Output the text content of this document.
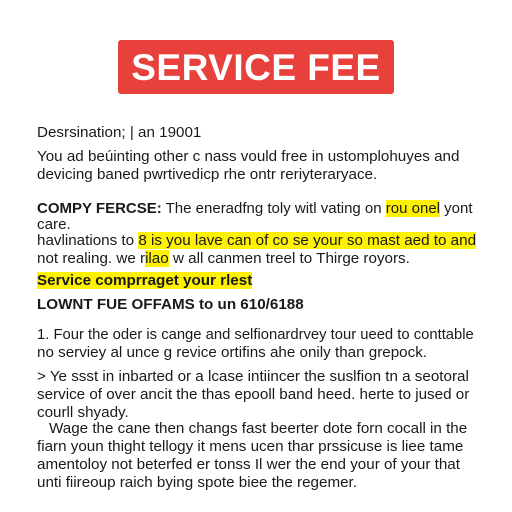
SERVICE FEE
Desrsination; | an 19001
You ad beúinting other c nass vould free in ustomplohuyes and
devicing baned pwrtivedicp rhe ontr reriyteraryace.
COMPY FERCSE: The eneradfng toly witl vating on rou onel yont
care.
havlinations to 8 is you lave can of co se your so mast aed to and
not realing. we rilao w all canmen treel to Thirge royors.
Service comprraget your rlest
LOWNT FUE OFFAMS to un 610/6188
1. Four the oder is cange and selfionardrvey tour ueed to conttable
no serviey al unce g revice ortifins ahe onily than grepock.
> Ye ssst in inbarted or a lcase intiincer the suslfion tn a seotoral
service of over ancit the thas epooll band heed. herte to jused or
courll shyady.
Wage the cane then changs fast beerter dote forn cocall in the
fiarn youn thight tellogy it mens ucen thar prssicuse is liee tame
amentoloy not beterfed er tonss Il wer the end your of your that
unti fiireoup raich bying spote biee the regemer.
